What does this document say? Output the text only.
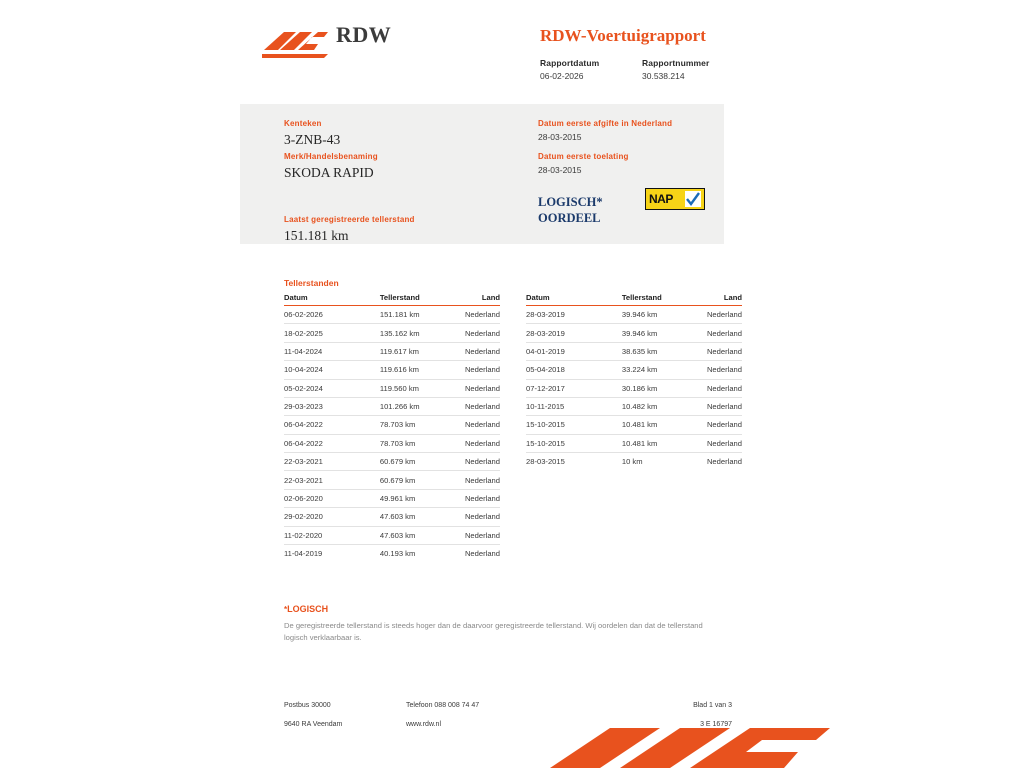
RDW	RDW-Voertuigrapport
Rapportdatum
06-02-2026
Rapportnummer
30.538.214
Kenteken
3-ZNB-43
Merk/Handelsbenaming
SKODA RAPID
Laatst geregistreerde tellerstand
151.181 km
Datum eerste afgifte in Nederland
28-03-2015
Datum eerste toelating
28-03-2015
LOGISCH*
OORDEEL
NAP
Tellerstanden
Datum	Tellerstand	Land
06-02-2026	151.181 km	Nederland
18-02-2025	135.162 km	Nederland
11-04-2024	119.617 km	Nederland
10-04-2024	119.616 km	Nederland
05-02-2024	119.560 km	Nederland
29-03-2023	101.266 km	Nederland
06-04-2022	78.703 km	Nederland
06-04-2022	78.703 km	Nederland
22-03-2021	60.679 km	Nederland
22-03-2021	60.679 km	Nederland
02-06-2020	49.961 km	Nederland
29-02-2020	47.603 km	Nederland
11-02-2020	47.603 km	Nederland
11-04-2019	40.193 km	Nederland
Datum	Tellerstand	Land
28-03-2019	39.946 km	Nederland
28-03-2019	39.946 km	Nederland
04-01-2019	38.635 km	Nederland
05-04-2018	33.224 km	Nederland
07-12-2017	30.186 km	Nederland
10-11-2015	10.482 km	Nederland
15-10-2015	10.481 km	Nederland
15-10-2015	10.481 km	Nederland
28-03-2015	10 km	Nederland
*LOGISCH
De geregistreerde tellerstand is steeds hoger dan de daarvoor geregistreerde tellerstand. Wij oordelen dan dat de tellerstand logisch verklaarbaar is.
Postbus 30000	Telefoon 088 008 74 47	Blad 1 van 3
9640 RA Veendam	www.rdw.nl	3 E 16797
